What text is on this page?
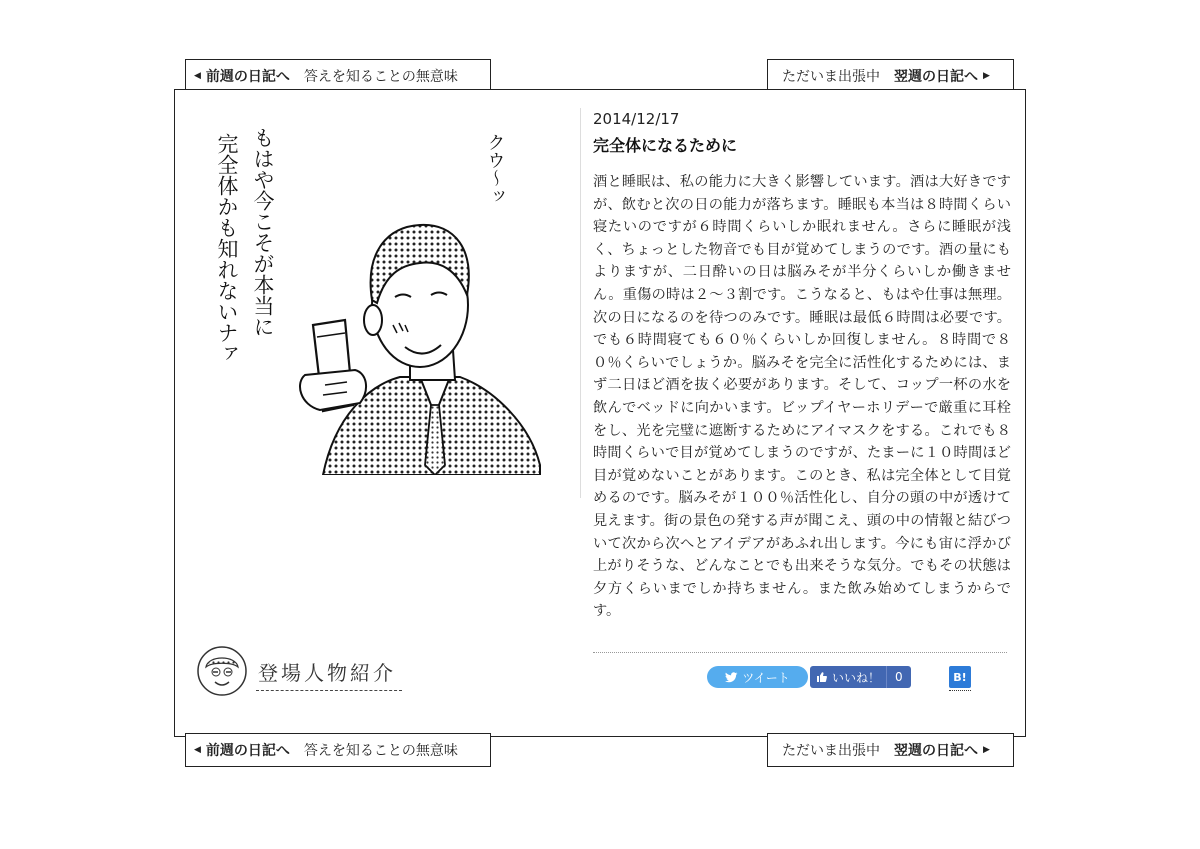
◀ 前週の日記へ 答えを知ることの無意味	ただいま出張中 翌週の日記へ ▶
もはや今こそが本当に
完全体かも知れないナァ	クウ〜ッ
2014/12/17
完全体になるために

酒と睡眠は、私の能力に大きく影響しています。酒は大好きですが、飲むと次の日の能力が落ちます。睡眠も本当は８時間くらい寝たいのですが６時間くらいしか眠れません。さらに睡眠が浅く、ちょっとした物音でも目が覚めてしまうのです。酒の量にもよりますが、二日酔いの日は脳みそが半分くらいしか働きません。重傷の時は２〜３割です。こうなると、もはや仕事は無理。次の日になるのを待つのみです。睡眠は最低６時間は必要です。でも６時間寝ても６０％くらいしか回復しません。８時間で８０％くらいでしょうか。脳みそを完全に活性化するためには、まず二日ほど酒を抜く必要があります。そして、コップ一杯の水を飲んでベッドに向かいます。ビップイヤーホリデーで厳重に耳栓をし、光を完璧に遮断するためにアイマスクをする。これでも８時間くらいで目が覚めてしまうのですが、たまーに１０時間ほど目が覚めないことがあります。このとき、私は完全体として目覚めるのです。脳みそが１００％活性化し、自分の頭の中が透けて見えます。街の景色の発する声が聞こえ、頭の中の情報と結びついて次から次へとアイデアがあふれ出します。今にも宙に浮かび上がりそうな、どんなことでも出来そうな気分。でもその状態は夕方くらいまでしか持ちません。また飲み始めてしまうからです。

ツイート	いいね！	0	B!
登場人物紹介
◀ 前週の日記へ 答えを知ることの無意味	ただいま出張中 翌週の日記へ ▶
